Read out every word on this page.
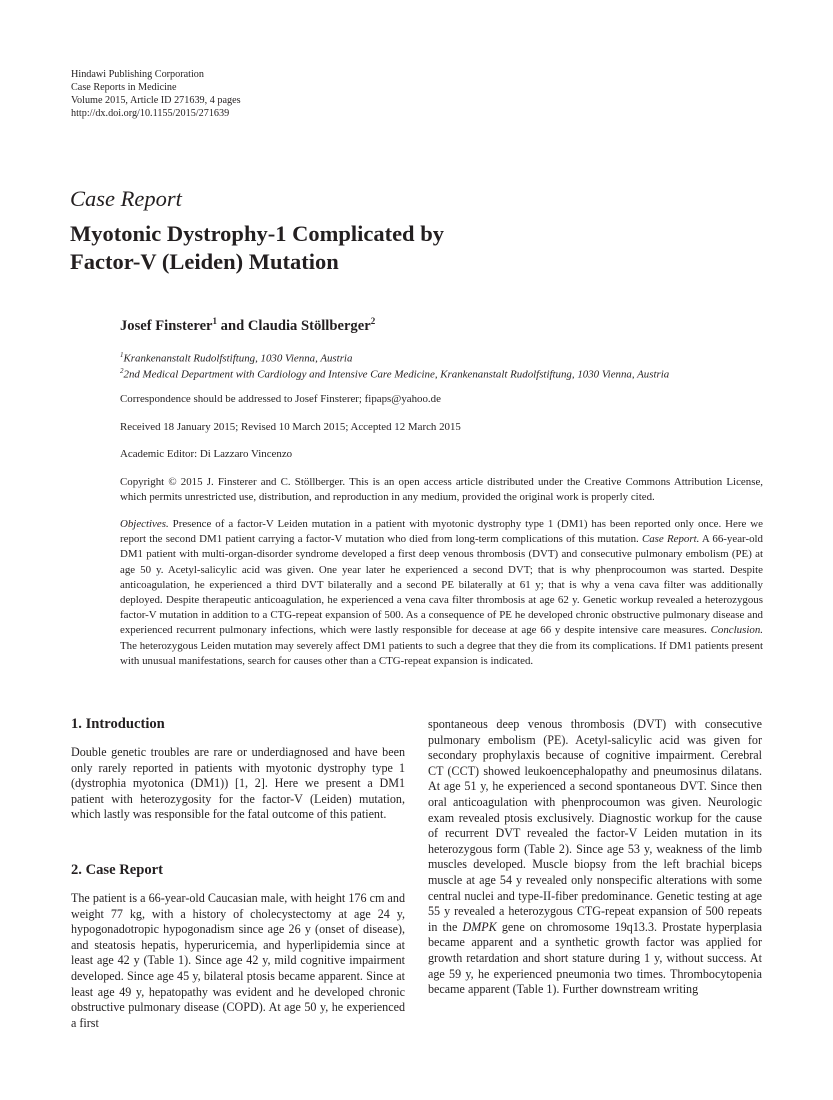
Hindawi Publishing Corporation
Case Reports in Medicine
Volume 2015, Article ID 271639, 4 pages
http://dx.doi.org/10.1155/2015/271639
Case Report
Myotonic Dystrophy-1 Complicated by
Factor-V (Leiden) Mutation
Josef Finsterer$^1$ and Claudia Stöllberger$^2$
$^1$Krankenanstalt Rudolfstiftung, 1030 Vienna, Austria
$^2$2nd Medical Department with Cardiology and Intensive Care Medicine, Krankenanstalt Rudolfstiftung, 1030 Vienna, Austria
Correspondence should be addressed to Josef Finsterer; fipaps@yahoo.de
Received 18 January 2015; Revised 10 March 2015; Accepted 12 March 2015
Academic Editor: Di Lazzaro Vincenzo
Copyright © 2015 J. Finsterer and C. Stöllberger. This is an open access article distributed under the Creative Commons Attribution License, which permits unrestricted use, distribution, and reproduction in any medium, provided the original work is properly cited.
Objectives. Presence of a factor-V Leiden mutation in a patient with myotonic dystrophy type 1 (DM1) has been reported only once. Here we report the second DM1 patient carrying a factor-V mutation who died from long-term complications of this mutation. Case Report. A 66-year-old DM1 patient with multi-organ-disorder syndrome developed a first deep venous thrombosis (DVT) and consecutive pulmonary embolism (PE) at age 50 y. Acetyl-salicylic acid was given. One year later he experienced a second DVT; that is why phenprocoumon was started. Despite anticoagulation, he experienced a third DVT bilaterally and a second PE bilaterally at 61 y; that is why a vena cava filter was additionally deployed. Despite therapeutic anticoagulation, he experienced a vena cava filter thrombosis at age 62 y. Genetic workup revealed a heterozygous factor-V mutation in addition to a CTG-repeat expansion of 500. As a consequence of PE he developed chronic obstructive pulmonary disease and experienced recurrent pulmonary infections, which were lastly responsible for decease at age 66 y despite intensive care measures. Conclusion. The heterozygous Leiden mutation may severely affect DM1 patients to such a degree that they die from its complications. If DM1 patients present with unusual manifestations, search for causes other than a CTG-repeat expansion is indicated.
1. Introduction

Double genetic troubles are rare or underdiagnosed and have been only rarely reported in patients with myotonic dystrophy type 1 (dystrophia myotonica (DM1)) [1, 2]. Here we present a DM1 patient with heterozygosity for the factor-V (Leiden) mutation, which lastly was responsible for the fatal outcome of this patient.

2. Case Report

The patient is a 66-year-old Caucasian male, with height 176 cm and weight 77 kg, with a history of cholecystectomy at age 24 y, hypogonadotropic hypogonadism since age 26 y (onset of disease), and steatosis hepatis, hyperuricemia, and hyperlipidemia since at least age 42 y (Table 1). Since age 42 y, mild cognitive impairment developed. Since age 45 y, bilateral ptosis became apparent. Since at least age 49 y, hepatopathy was evident and he developed chronic obstructive pulmonary disease (COPD). At age 50 y, he experienced a first

spontaneous deep venous thrombosis (DVT) with consecutive pulmonary embolism (PE). Acetyl-salicylic acid was given for secondary prophylaxis because of cognitive impairment. Cerebral CT (CCT) showed leukoencephalopathy and pneumosinus dilatans. At age 51 y, he experienced a second spontaneous DVT. Since then oral anticoagulation with phenprocoumon was given. Neurologic exam revealed ptosis exclusively. Diagnostic workup for the cause of recurrent DVT revealed the factor-V Leiden mutation in its heterozygous form (Table 2). Since age 53 y, weakness of the limb muscles developed. Muscle biopsy from the left brachial biceps muscle at age 54 y revealed only nonspecific alterations with some central nuclei and type-II-fiber predominance. Genetic testing at age 55 y revealed a heterozygous CTG-repeat expansion of 500 repeats in the DMPK gene on chromosome 19q13.3. Prostate hyperplasia became apparent and a synthetic growth factor was applied for growth retardation and short stature during 1 y, without success. At age 59 y, he experienced pneumonia two times. Thrombocytopenia became apparent (Table 1). Further downstream writing
